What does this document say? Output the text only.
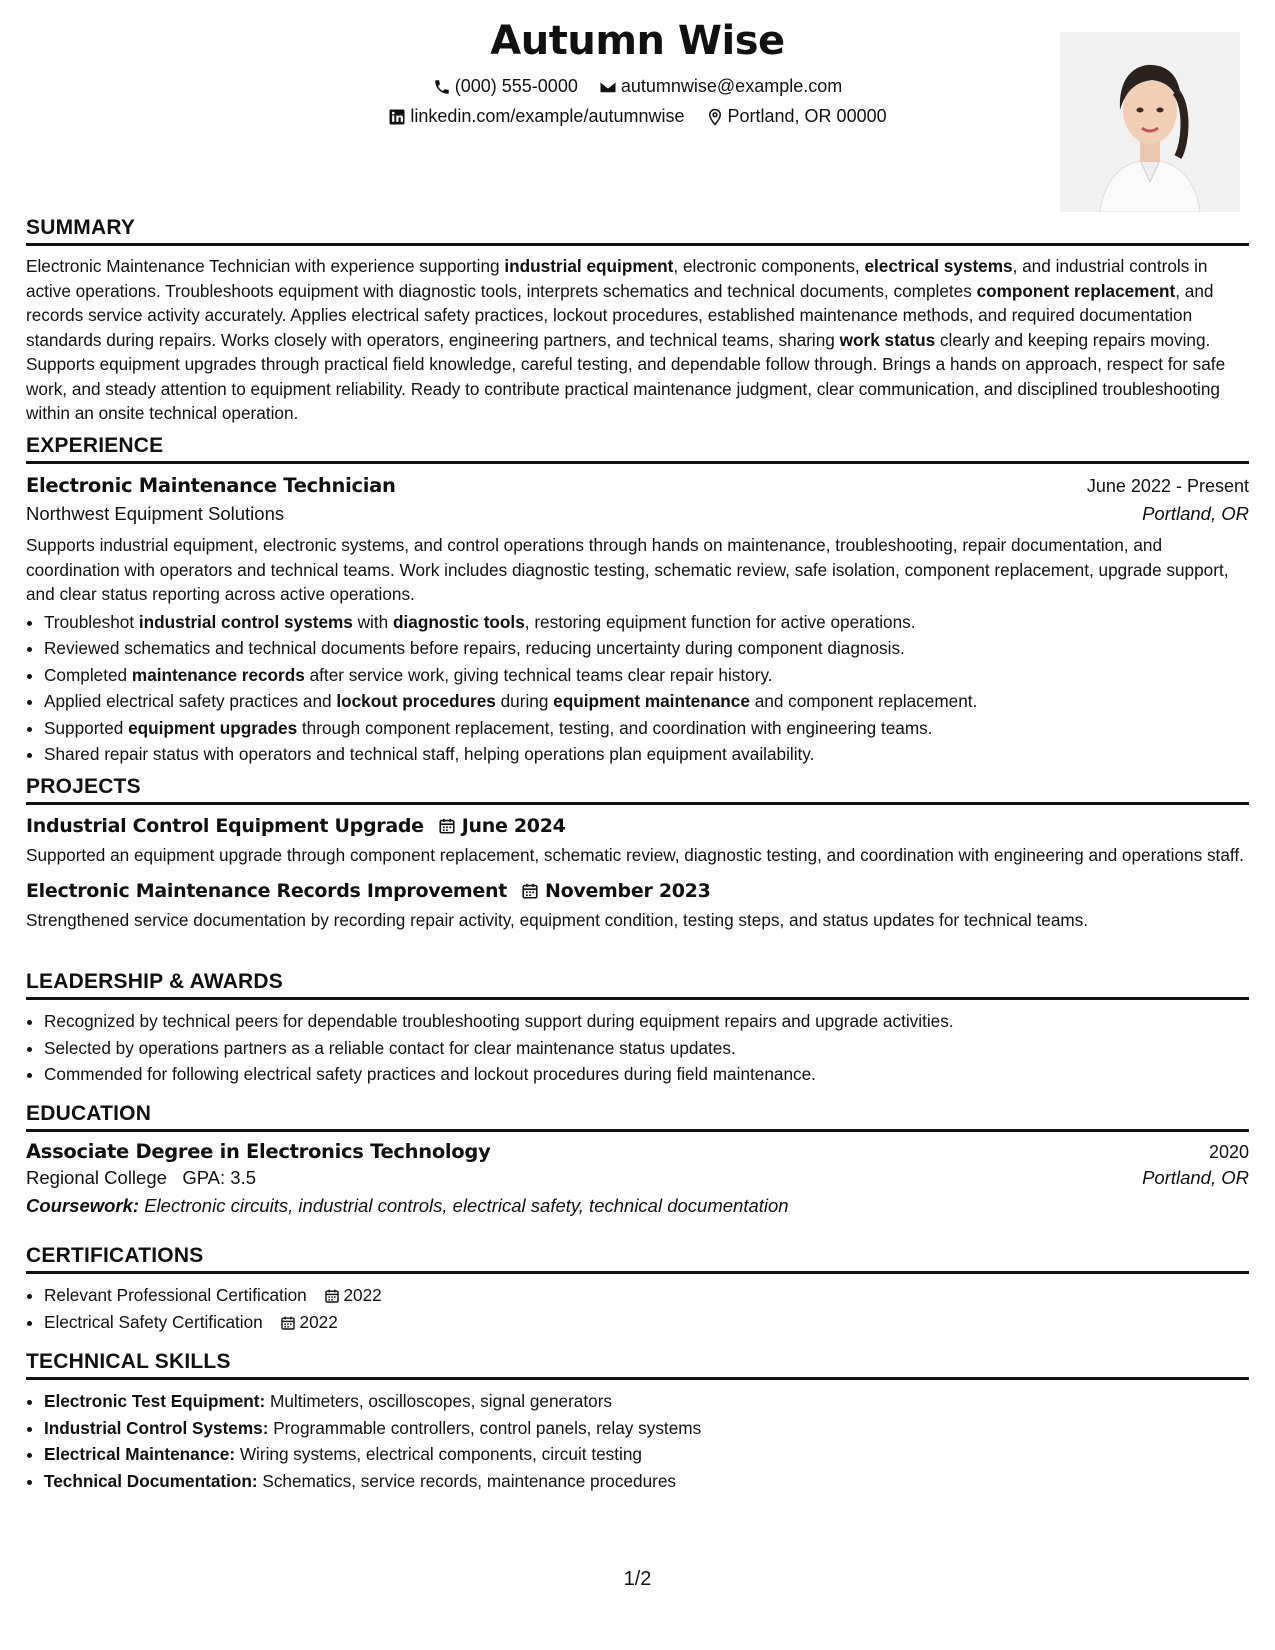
Autumn Wise
(000) 555-0000
autumnwise@example.com
linkedin.com/example/autumnwise
Portland, OR 00000
SUMMARY

Electronic Maintenance Technician with experience supporting industrial equipment, electronic components, electrical systems, and industrial controls in active operations. Troubleshoots equipment with diagnostic tools, interprets schematics and technical documents, completes component replacement, and records service activity accurately. Applies electrical safety practices, lockout procedures, established maintenance methods, and required documentation standards during repairs. Works closely with operators, engineering partners, and technical teams, sharing work status clearly and keeping repairs moving. Supports equipment upgrades through practical field knowledge, careful testing, and dependable follow through. Brings a hands on approach, respect for safe work, and steady attention to equipment reliability. Ready to contribute practical maintenance judgment, clear communication, and disciplined troubleshooting within an onsite technical operation.

EXPERIENCE
Electronic Maintenance Technician	June 2022 - Present
Northwest Equipment Solutions	Portland, OR

Supports industrial equipment, electronic systems, and control operations through hands on maintenance, troubleshooting, repair documentation, and coordination with operators and technical teams. Work includes diagnostic testing, schematic review, safe isolation, component replacement, upgrade support, and clear status reporting across active operations.

• Troubleshot industrial control systems with diagnostic tools, restoring equipment function for active operations.
• Reviewed schematics and technical documents before repairs, reducing uncertainty during component diagnosis.
• Completed maintenance records after service work, giving technical teams clear repair history.
• Applied electrical safety practices and lockout procedures during equipment maintenance and component replacement.
• Supported equipment upgrades through component replacement, testing, and coordination with engineering teams.
• Shared repair status with operators and technical staff, helping operations plan equipment availability.
PROJECTS
Industrial Control Equipment Upgrade June 2024

Supported an equipment upgrade through component replacement, schematic review, diagnostic testing, and coordination with engineering and operations staff.

Electronic Maintenance Records Improvement November 2023

Strengthened service documentation by recording repair activity, equipment condition, testing steps, and status updates for technical teams.

LEADERSHIP & AWARDS
• Recognized by technical peers for dependable troubleshooting support during equipment repairs and upgrade activities.
• Selected by operations partners as a reliable contact for clear maintenance status updates.
• Commended for following electrical safety practices and lockout procedures during field maintenance.
EDUCATION
Associate Degree in Electronics Technology	2020
Regional College GPA: 3.5	Portland, OR
Coursework: Electronic circuits, industrial controls, electrical safety, technical documentation
CERTIFICATIONS
• Relevant Professional Certification 2022
• Electrical Safety Certification 2022
TECHNICAL SKILLS
• Electronic Test Equipment: Multimeters, oscilloscopes, signal generators
• Industrial Control Systems: Programmable controllers, control panels, relay systems
• Electrical Maintenance: Wiring systems, electrical components, circuit testing
• Technical Documentation: Schematics, service records, maintenance procedures
1/2
